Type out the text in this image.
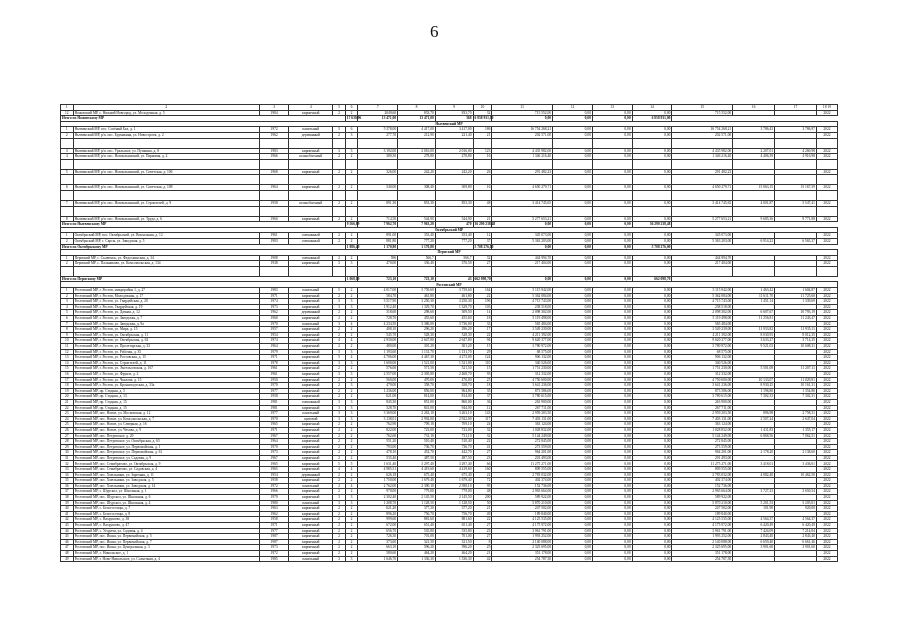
6
1	2	3	4	5	6	7	8	9	10	11	12	13	14	15	16	17	18 19
12	Ножовский МР, с. Нижний Новгород, ул. Молодежная, д. 5	1984	кирпичный	2	2	2049,60	833,70	833,70	32	715 552,00	0,00	0,00	0,00	715 552,00			2022
Итого по Ножовскому МР					17 630,96	13 471,00	13 471,00	368	6 858 931,00	0,00	0,00	0,00	6 858 931,00				
Нытвенский МР																	
1	Нытвенский МР, пос. Солёный Бал, д. 1	1972	панельный	5	6	5 378,00	4 417,00	3 417,00	186	16 754 268,21	0,00	0,00	0,00	16 754 268,21	3 786,43	3 786,97	2022
2	Нытвенский МР, р/п. пос. Бурмакина, ул. Новостроек, д. 2	1962	деревянный	2	3	277,70	212,90	221,40	21	202 571,00	0,00	0,00	0,00	202 571,00			2022

3	Нытвенский МР, р/п. пос. Уральское, ул. Пушкина, д. 8	1983	кирпичный	3	3	3 192,00	2 016,00	2 016,00	123	4 435 982,00	0,00	0,00	0,00	4 435 982,00	2 207,01	4 260,98	2022
4	Нытвенский МР, р/п. пос. Новоильинский, ул. Парковая, д. 2	1966	шлакоблочный	2	2	380,30	278,80	278,80	16	1 346 216,40	0,00	0,00	0,00	1 346 216,40	4 406,39	4 916,98	2022

5	Нытвенский МР, р/п. пос. Новоильинский, ул. Советская, д. 106	1968	кирпичный	2	2	326,00	242,20	242,20	26	291 482,23	0,00	0,00	0,00	291 482,23			2022

6	Нытвенский МР, р/п. пос. Новоильинский, ул. Советская, д. 108	1964	кирпичный	2	2	540,00	308,40	309,80	16	4 650 279,71	0,00	0,00	0,00	4 650 279,71	15 063,15	15 167,59	2022

7	Нытвенский МР, р/п. пос. Новоильинский, ул. Строителей, д. 9	1958	шлакоблочный	2	2	891,30	853,30	853,30	48	3 414 745,65	0,00	0,00	0,00	3 414 745,65	4 001,87	5 547,41	2022

8	Нытвенский МР, р/п. пос. Новоильинский, ул. Труда, д. 6	1960	кирпичный	2	2	714,50	544,90	544,90	21	5 277 653,21	0,00	0,00	0,00	5 277 653,21	9 685,36	9 771,88	2022
Итого по Нытвенскому МР					9 566,89	7 962,70	7 963,20	470	36 290 238,48	0,00	0,00	0,00	36 290 238,48				
Октябрьский МР																	
1	Октябрьский МР, пос. Октябрьский, ул. Вокзальная, д. 12	1961	смешанный	2	2	891,00	353,40	353,40	12	345 073,00	0,00	0,00	0,00	345 073,00			2022
2	Октябрьский МР, с. Сарсы, ул. Заводская, д. 5	1983	смешанный	2	2	881,80	777,20	777,20	37	5 363 203,00	0,00	0,00	0,00	5 363 203,00	6 914,22	6 565,37	2022
Итого по Октябрьскому МР					1 886,40	1 170,80	1 170,80		5 708 276,00	0,00	0,00	0,00	5 708 276,00				
Пермский МР																	
1	Пермский МР, с. Сылвенск, ул. Федоскинская, д. 34	1908	смешанный	2	2	596	566,7	566,7	32	444 994,70	0,00	0,00	0,00	444 994,70			2022
2	Пермский МР, с. Пальниково, ул. Комсомольская, д. 134	1938	кирпичный	3	3	470,00	336,40	376,50	27	217 404,00	0,00	0,00	0,00	217 404,00			2022

Итого по Пермскому МР					1 068,00	723,10	723,10	43	662 098,70	0,00	0,00	0,00	662 098,70				
Ростовский МР																	
1	Ростовский МР, г. Ростов, микрорайон 1, д. 27	1983	панельный	5	2	4 017,00	3 759,60	3 759,60	164	5 115 942,00	0,00	0,00	0,00	5 115 942,00	1 463,42	1 604,87	2022
2	Ростовский МР, г. Ростов, Молодежная, д. 17	1971	кирпичный	2	2	584,70	461,80	461,80	22	5 362 084,00	0,00	0,00	0,00	5 362 084,00	11 611,70	11 725,60	2022
3	Ростовский МР, г. Ростов, ул. Гвардейская, д. 20	1974	кирпичный	3	3	3 517,90	3 250,30	3 250,30	196	4 715 743,00	0,00	0,00	0,00	4 715 743,00	1 451,14	1 339,69	2022
4	Ростовский МР, г. Ростов, Гвардейская, д. 19	1973	кирпичный	3	3	1 912,40	1 329,70	1 329,70	103	238 518,00	0,00	0,00	0,00	238 518,00			2022
5	Ростовский МР, г. Ростов, ул. Дачная, д. 12	1962	деревянный	2	2	318,60	298,60	309,50	14	2 098 302,00	0,00	0,00	0,00	2 098 302,00	6 607,67	10 793,19	2022
6	Ростовский МР, г. Ростов, ул. Заводская, д. 7	1968	кирпичный	2	2	728,70	455,60	455,60	18	5 119 498,00	0,00	0,00	0,00	5 119 498,00	11 256,81	11 243,47	2022
7	Ростовский МР, г. Ростов, ул. Заводская, д. 9а	1970	панельный	3	4	4 234,50	3 386,00	3 736,00	33	565 484,00	0,00	0,00	0,00	565 484,00			2022
8	Ростовский МР, г. Ростов, ул. Мира, д. 15	1957	кирпичный	2	2	408,10	296,20	296,20	17	3 549 239,00	0,00	0,00	0,00	3 549 239,00	11 933,82	11 935,11	2022
9	Ростовский МР, г. Ростов, ул. Октябрьская, д. 11	1954	кирпичный	2	2	545,70	528,30	528,30	22	4 211 392,00	0,00	0,00	0,00	4 211 392,00	8 030,93	8 012,35	2022
10	Ростовский МР, г. Ростов, ул. Октябрьская, д. 63	1974	кирпичный	4	4	2 930,00	2 647,80	2 647,80	94	9 620 377,00	0,00	0,00	0,00	9 620 377,00	3 633,27	3 714,35	2022
11	Ростовский МР, г. Ростов, ул. Пролетарская, д. 33	1964	кирпичный	2	2	480,00	301,20	301,20	15	3 780 972,00	0,00	0,00	0,00	3 780 972,00	9 521,03	10 608,31	2022
12	Ростовский МР, г. Ростов, ул. Рабочая, д. 35	1979	кирпичный	3	3	1 193,60	1 131,70	1 131,70	29	68 575,00	0,00	0,00	0,00	68 575,00			2022
13	Ростовский МР, г. Ростов, ул. Ростовская, д. 15	1971	кирпичный	5	4	4 706,00	4 467,30	4 273,00	124	906 132,00	0,00	0,00	0,00	906 132,00			2022
14	Ростовский МР, г. Ростов, ул. Строителей, д. 11	1978	кирпичный	3	3	1 600,00	1 521,00	1 521,00	110	340 526,00	0,00	0,00	0,00	340 526,00			2022
15	Ростовский МР, г. Ростов, ул. Энгельсовская, д. 167	1961	кирпичный	2	2	576,00	571,50	521,50	15	1 751 230,00	0,00	0,00	0,00	1 751 230,00	5 501,08	11 207,11	2022
16	Ростовский МР, г. Ростов, ул. Фрунзе, д. 2	1961	кирпичный	3	3	2 557,00	2 305,80	2 468,70	93	312 332,00	0,00	0,00	0,00	312 332,00			2022
17	Ростовский МР, г. Ростов, ул. Чкалова, д. 15	1950	кирпичный	2	2	560,00	470,00	470,00	25	4 750 600,00	0,00	0,00	0,00	4 750 600,00	10 133,07	11 029,81	2022
18	Ростовский МР, г. Ростов, ул. Кронштадтская, д. 33а	1970	кирпичный	2	3	479,00	358,70	358,70	18	3 641 236,00	0,00	0,00	0,00	3 641 236,00	8 930,25	10 161,31	2022
19	Ростовский МР, пр. Стадная, д. 5	1977	кирпичный	2	2	1 236,00	856,00	964,80	35	873 586,00	0,00	0,00	0,00	873 586,00	1 196,80	1 354,80	2022
20	Ростовский МР, пр. Стадная, д. 13	1958	кирпичный	2	2	621,00	814,00	814,00	37	3 780 615,00	0,00	0,00	0,00	3 780 615,00	7 302,33	7 302,31	2022
21	Ростовский МР, пр. Стадная, д. 15	1981	смешанный	3	3	845,30	851,00	860,00	36	263 900,00	0,00	0,00	0,00	263 900,00			2022
22	Ростовский МР, пр. Стадная, д. 15	1981	кирпичный	3	3	528,70	841,00	944,00	12	267 711,00	0,00	0,00	0,00	267 711,00			2022
23	Ростовский МР, пос. Новое, ул. Московская, д. 12	1977	панельный	3	3	3 369,00	2 263,10	3 263,10	143	2 959 203,50	0,00	0,00	0,00	2 959 203,50	896,98	2 758,31	2022
24	Ростовский МР, пос. Новое, ул. Комсомольская, д. 7	1970	щитовой	3	3	3 138,01	2 992,00	2 922,00	117	7 403 131,00	0,00	0,00	0,00	7 403 131,00	2 507,24	2 647,04	2022
25	Ростовский МР, пос. Новое, ул. Северная, д. 16	1965	кирпичный	2	2	762,90	709,10	709,10	24	363 124,00	0,00	0,00	0,00	363 124,00			2022
26	Ростовский МР, пос. Новое, ул. Чехова, д. 9	1971	кирпичный	2	2	822,00	723,00	723,00	32	1 028 832,00	0,00	0,00	0,00	1 028 832,00	1 411,83	1 355,17	2022
27	Ростовский МР, пос. Петровское, д. 20	1967	кирпичный	2	2	762,60	731,10	731,10	32	5 144 249,00	0,00	0,00	0,00	5 144 249,00	6 868,56	7 062,51	2022
28	Ростовский МР, пос. Петровское, ул. Октябрьская, д. 65	1964	кирпичный	2	2	551,20	510,40	510,40	22	272 845,00	0,00	0,00	0,00	272 845,00			2022
29	Ростовский МР, пос. Петровское, ул. Первомайская, д. 1	1970	кирпичный	2	2	793,00	736,70	736,70	41	273 559,00	0,00	0,00	0,00	273 559,00			2022
30	Ростовский МР, пос. Петровское, ул. Первомайская, д. 61	1973	кирпичный	2	2	478,10	452,70	442,70	27	964 201,00	0,00	0,00	0,00	964 201,00	2 178,20	2 138,60	2022
31	Ростовский МР, пос. Петровское, ул. Садовая, д. 9	1967	кирпичный	2	2	535,40	487,50	487,50	23	201 493,00	0,00	0,00	0,00	201 493,00			2022
32	Ростовский МР, пос. Семибратово, ул. Октябрьская, д. 9	1965	кирпичный	5	5	1 631,40	3 297,40	3 297,40	66	11 275 271,00	0,00	0,00	0,00	11 275 271,00	3 418,01	3 436,01	2022
33	Ростовский МР, пос. Семибратово, ул. Садовская, д. 4	1965	кирпичный	4	4	4 985,51	4 419,60	4 419,60	160	809 555,00	0,00	0,00	0,00	809 555,00			2022
34	Ростовский МР, пос. Хмельники, ул. Заречная, д. 11	1954	деревянный	2	2	626,18	675,40	675,40	22	2 783 032,00	0,00	0,00	0,00	2 783 032,00	4 082,40	10 462,50	2022
35	Ростовский МР, пос. Хмельники, ул. Заводская, д. 5	1958	кирпичный	2	2	1 750,00	1 679,40	1 679,40	72	402 374,00	0,00	0,00	0,00	402 374,00			2022
36	Ростовский МР, пос. Хмельники, ул. Заводская, д. 14	1972	панельный	2	4	2 762,00	2 390,10	2 390,10	95	152 736,00	0,00	0,00	0,00	152 736,00			2022
37	Ростовский МР, с. Шурскол, ул. Школьная, д. 1	1966	кирпичный	2	2	970,00	779,00	779,00	48	2 965 664,00	0,00	0,00	0,00	2 965 664,00	3 727,23	3 650,54	2022
38	Ростовский МР, пос. Шурскол, ул. Школьная, д. 6	1979	кирпичный	3	3	2 302,40	2 145,50	2 145,50	200	589 922,00	0,00	0,00	0,00	589 922,00			2022
39	Ростовский МР, пос. Шурскол, ул. Школьная, д. 4	1980	панельный	3	3	1 208,70	1 128,50	1 128,50	50	5 870 210,00	0,00	0,00	0,00	5 870 210,00	5 201,53	5 205,01	2022
40	Ростовский МР, с. Белогостицы, д. 7	1963	кирпичный	2	2	621,20	377,20	377,20	21	247 502,00	0,00	0,00	0,00	247 502,00	101,90	920,00	2022
41	Ростовский МР, с. Белогостицы, д. 8	1962	кирпичный	2	2	896,20	756,70	756,70	49	189 840,00	0,00	0,00	0,00	189 840,00			2022
42	Ростовский МР, с. Вахрушево, д. 38	1958	кирпичный	2	2	999,60	881,60	881,60	22	4 125 535,00	0,00	0,00	0,00	4 125 535,00	4 564,37	4 564,37	2022
43	Ростовский МР, с. Вахрушево, д. 47	1971	кирпичный	2	2	672,00	651,40	651,40	27	4 175 972,00	0,00	0,00	0,00	4 175 972,00	6 420,49	6 420,49	2022
44	Ростовский МР, с. Угодичи, ул. Садовая, д. 4	1977	кирпичный	2	2	656,70	535,80	535,80	23	3 961 791,00	0,00	0,00	0,00	3 961 791,00	7 424,09	7 214,84	2022
45	Ростовский МР, пос. Ишня, ул. Первомайская, д. 5	1987	кирпичный	2	2	726,30	701,00	701,00	27	1 993 252,00	0,00	0,00	0,00	1 993 252,00	2 843,40	2 843,40	2022
46	Ростовский МР, пос. Ишня, ул. Первомайская, д. 7	1987	кирпичный	2	2	373,60	321,50	321,50	8	2 140 088,00	0,00	0,00	0,00	2 140 088,00	6 659,40	6 661,46	2022
47	Ростовский МР, пос. Ишня, ул. Центральная, д. 3	1973	кирпичный	2	2	663,10	596,20	596,20	25	2 325 695,00	0,00	0,00	0,00	2 325 695,00	3 901,60	3 901,60	2022
48	Ростовский МР, с. Никольское, д. 1	1972	кирпичный	2	2	580,60	464,20	464,20	21	351 178,00	0,00	0,00	0,00	351 178,00			2022
49	Ростовский МР, г. Ново-Никольское, ул. Солнечная, д. 4	1985	панельный	3	3	1 646,70	1 336,30	1 336,30	42	254 787,50	0,00	0,00	0,00	254 787,50			2022
